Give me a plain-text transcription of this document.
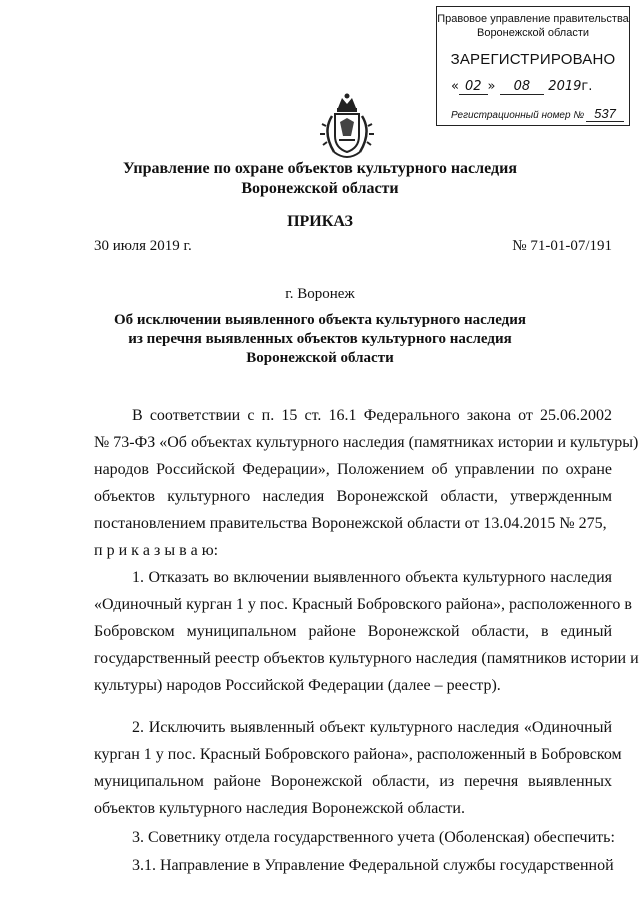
Правовое управление правительства
Воронежской области
ЗАРЕГИСТРИРОВАНО
« 02 » 08 2019г.
Регистрационный номер № 537
Управление по охране объектов культурного наследия
Воронежской области
ПРИКАЗ
30 июля 2019 г.	№ 71-01-07/191
г. Воронеж
Об исключении выявленного объекта культурного наследия
из перечня выявленных объектов культурного наследия
Воронежской области
В соответствии с п. 15 ст. 16.1 Федерального закона от 25.06.2002
№ 73-ФЗ «Об объектах культурного наследия (памятниках истории и культуры)
народов Российской Федерации», Положением об управлении по охране
объектов культурного наследия Воронежской области, утвержденным
постановлением правительства Воронежской области от 13.04.2015 № 275,
п р и к а з ы в а ю:
1. Отказать во включении выявленного объекта культурного наследия
«Одиночный курган 1 у пос. Красный Бобровского района», расположенного в
Бобровском муниципальном районе Воронежской области, в единый
государственный реестр объектов культурного наследия (памятников истории и
культуры) народов Российской Федерации (далее – реестр).
2. Исключить выявленный объект культурного наследия «Одиночный
курган 1 у пос. Красный Бобровского района», расположенный в Бобровском
муниципальном районе Воронежской области, из перечня выявленных
объектов культурного наследия Воронежской области.
3. Советнику отдела государственного учета (Оболенская) обеспечить:
3.1. Направление в Управление Федеральной службы государственной
